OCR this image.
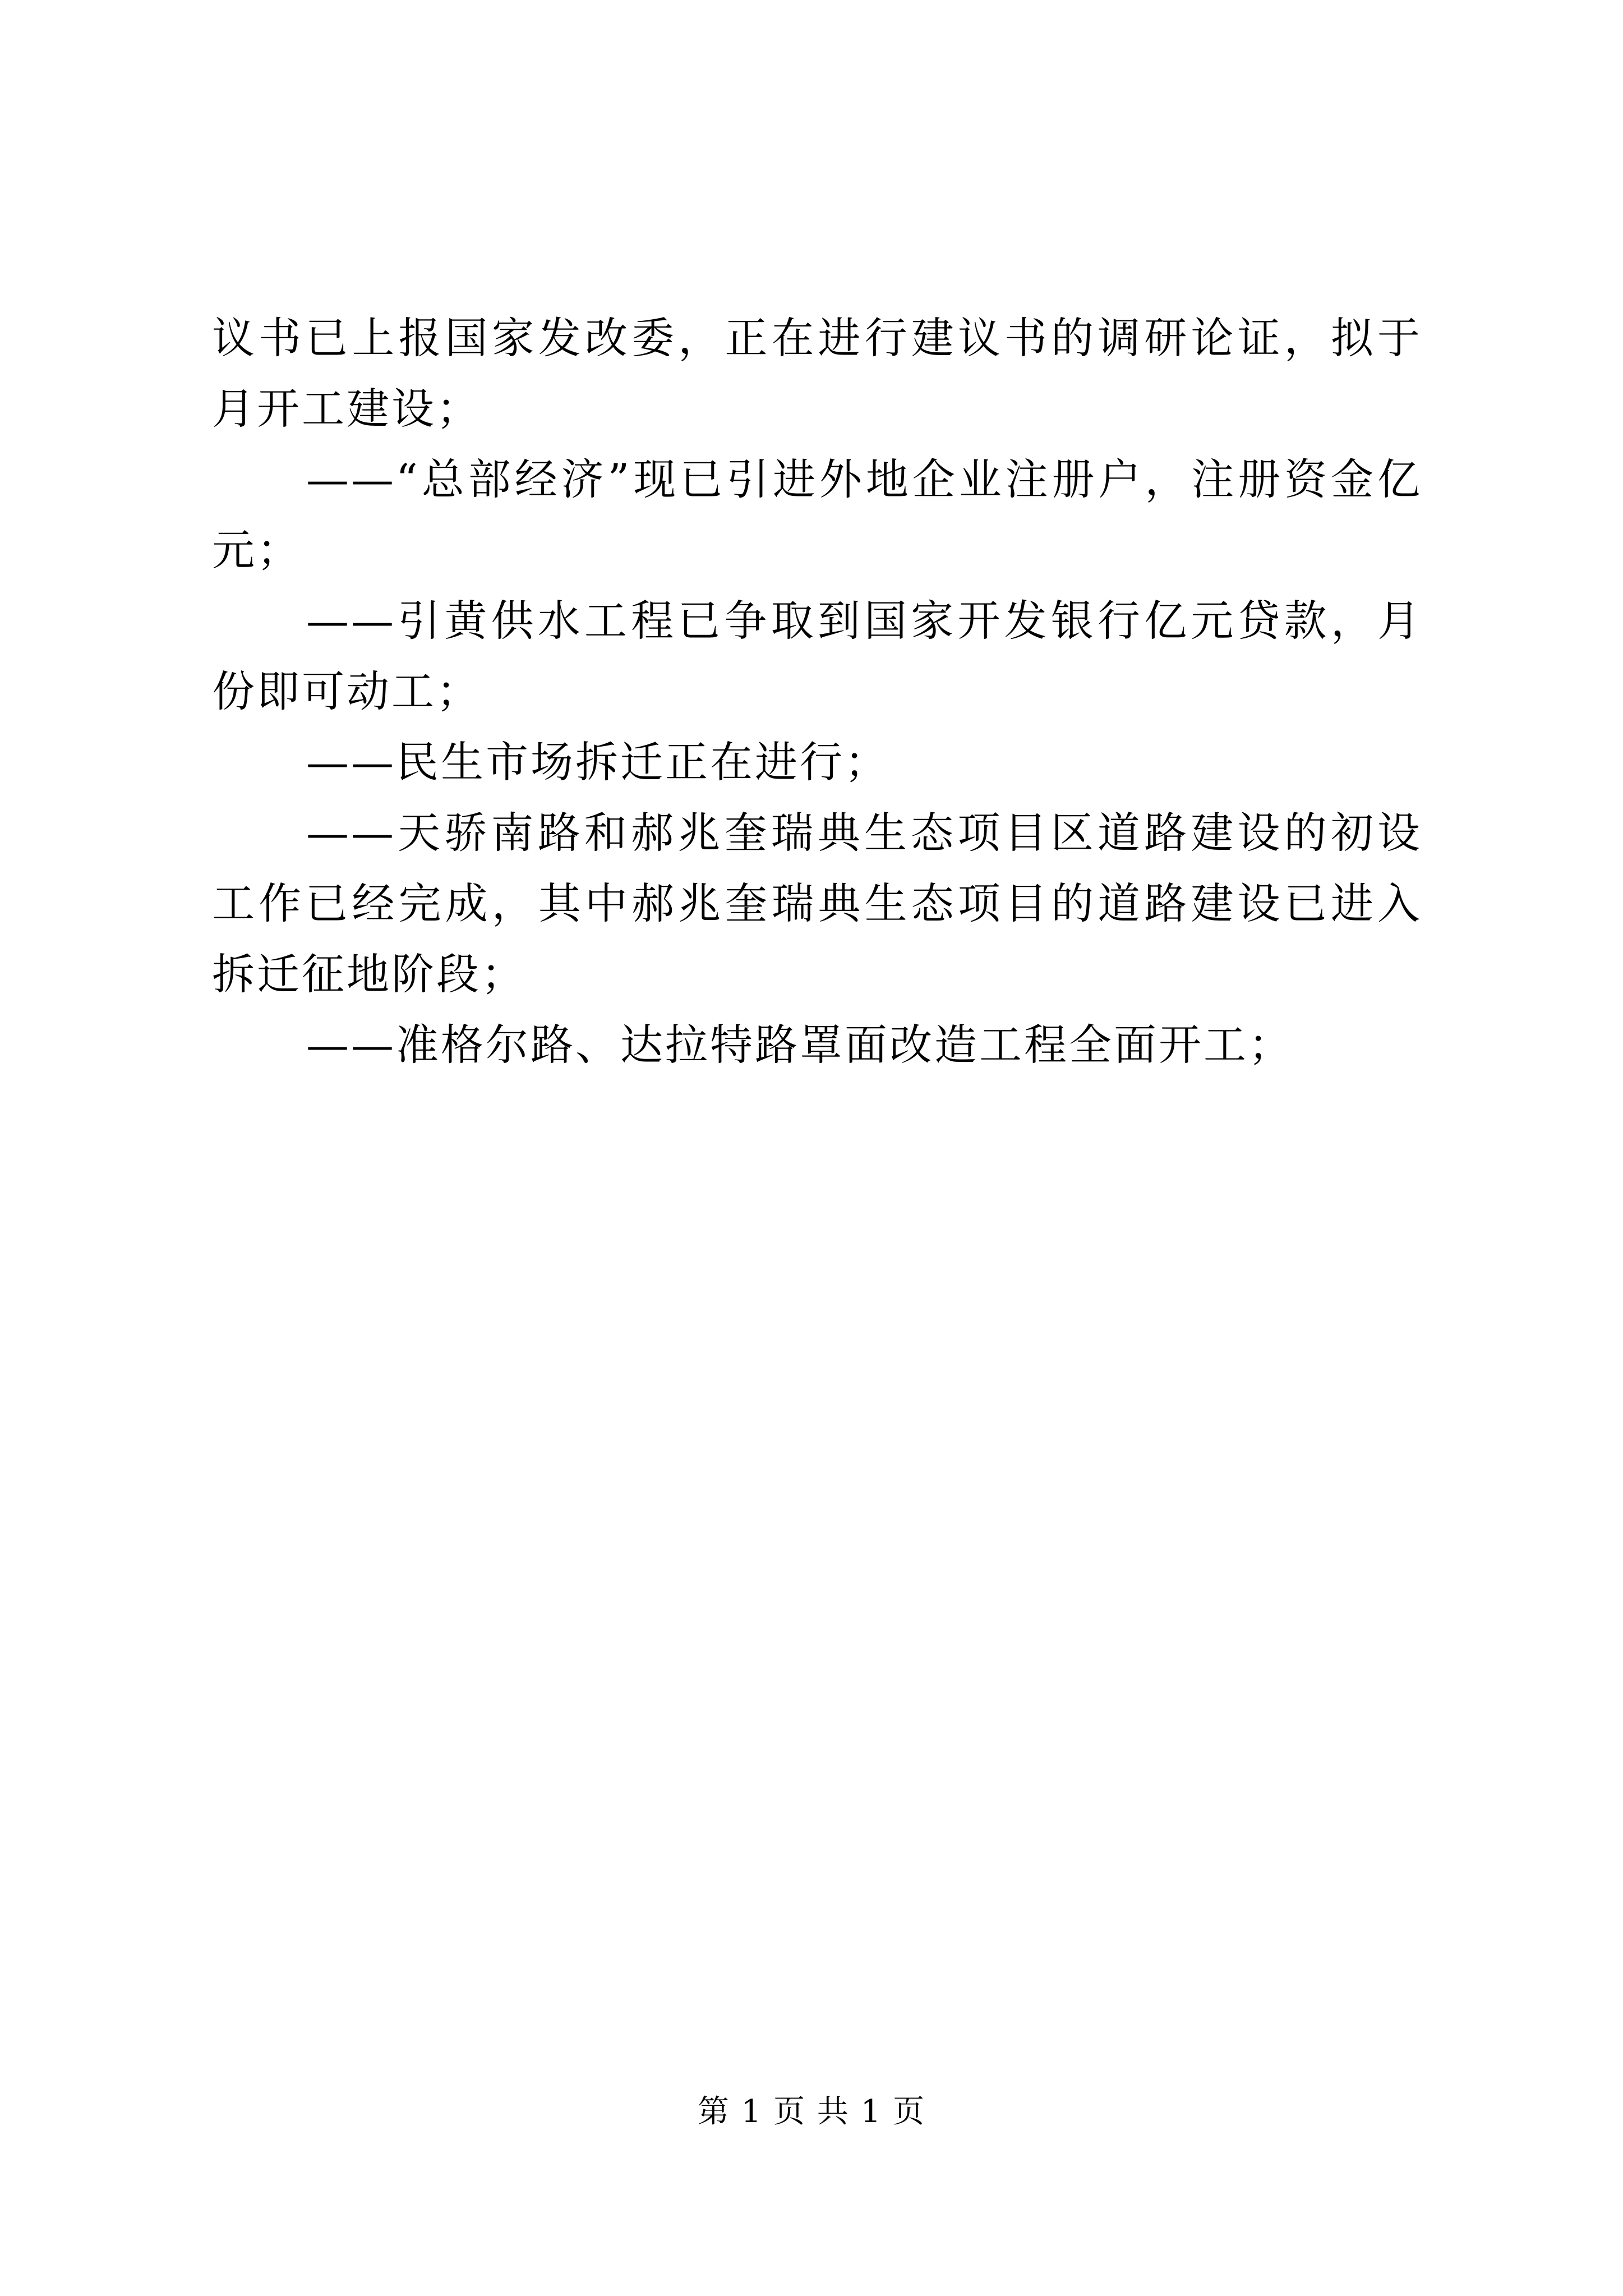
议书已上报国家发改委，正在进行建议书的调研论证，拟于月开工建设；

——“总部经济”现已引进外地企业注册户，注册资金亿元；

——引黄供水工程已争取到国家开发银行亿元贷款，月份即可动工；

——民生市场拆迁正在进行；

——天骄南路和郝兆奎瑞典生态项目区道路建设的初设工作已经完成，其中郝兆奎瑞典生态项目的道路建设已进入拆迁征地阶段；

——准格尔路、达拉特路罩面改造工程全面开工；

第 1 页 共 1 页
